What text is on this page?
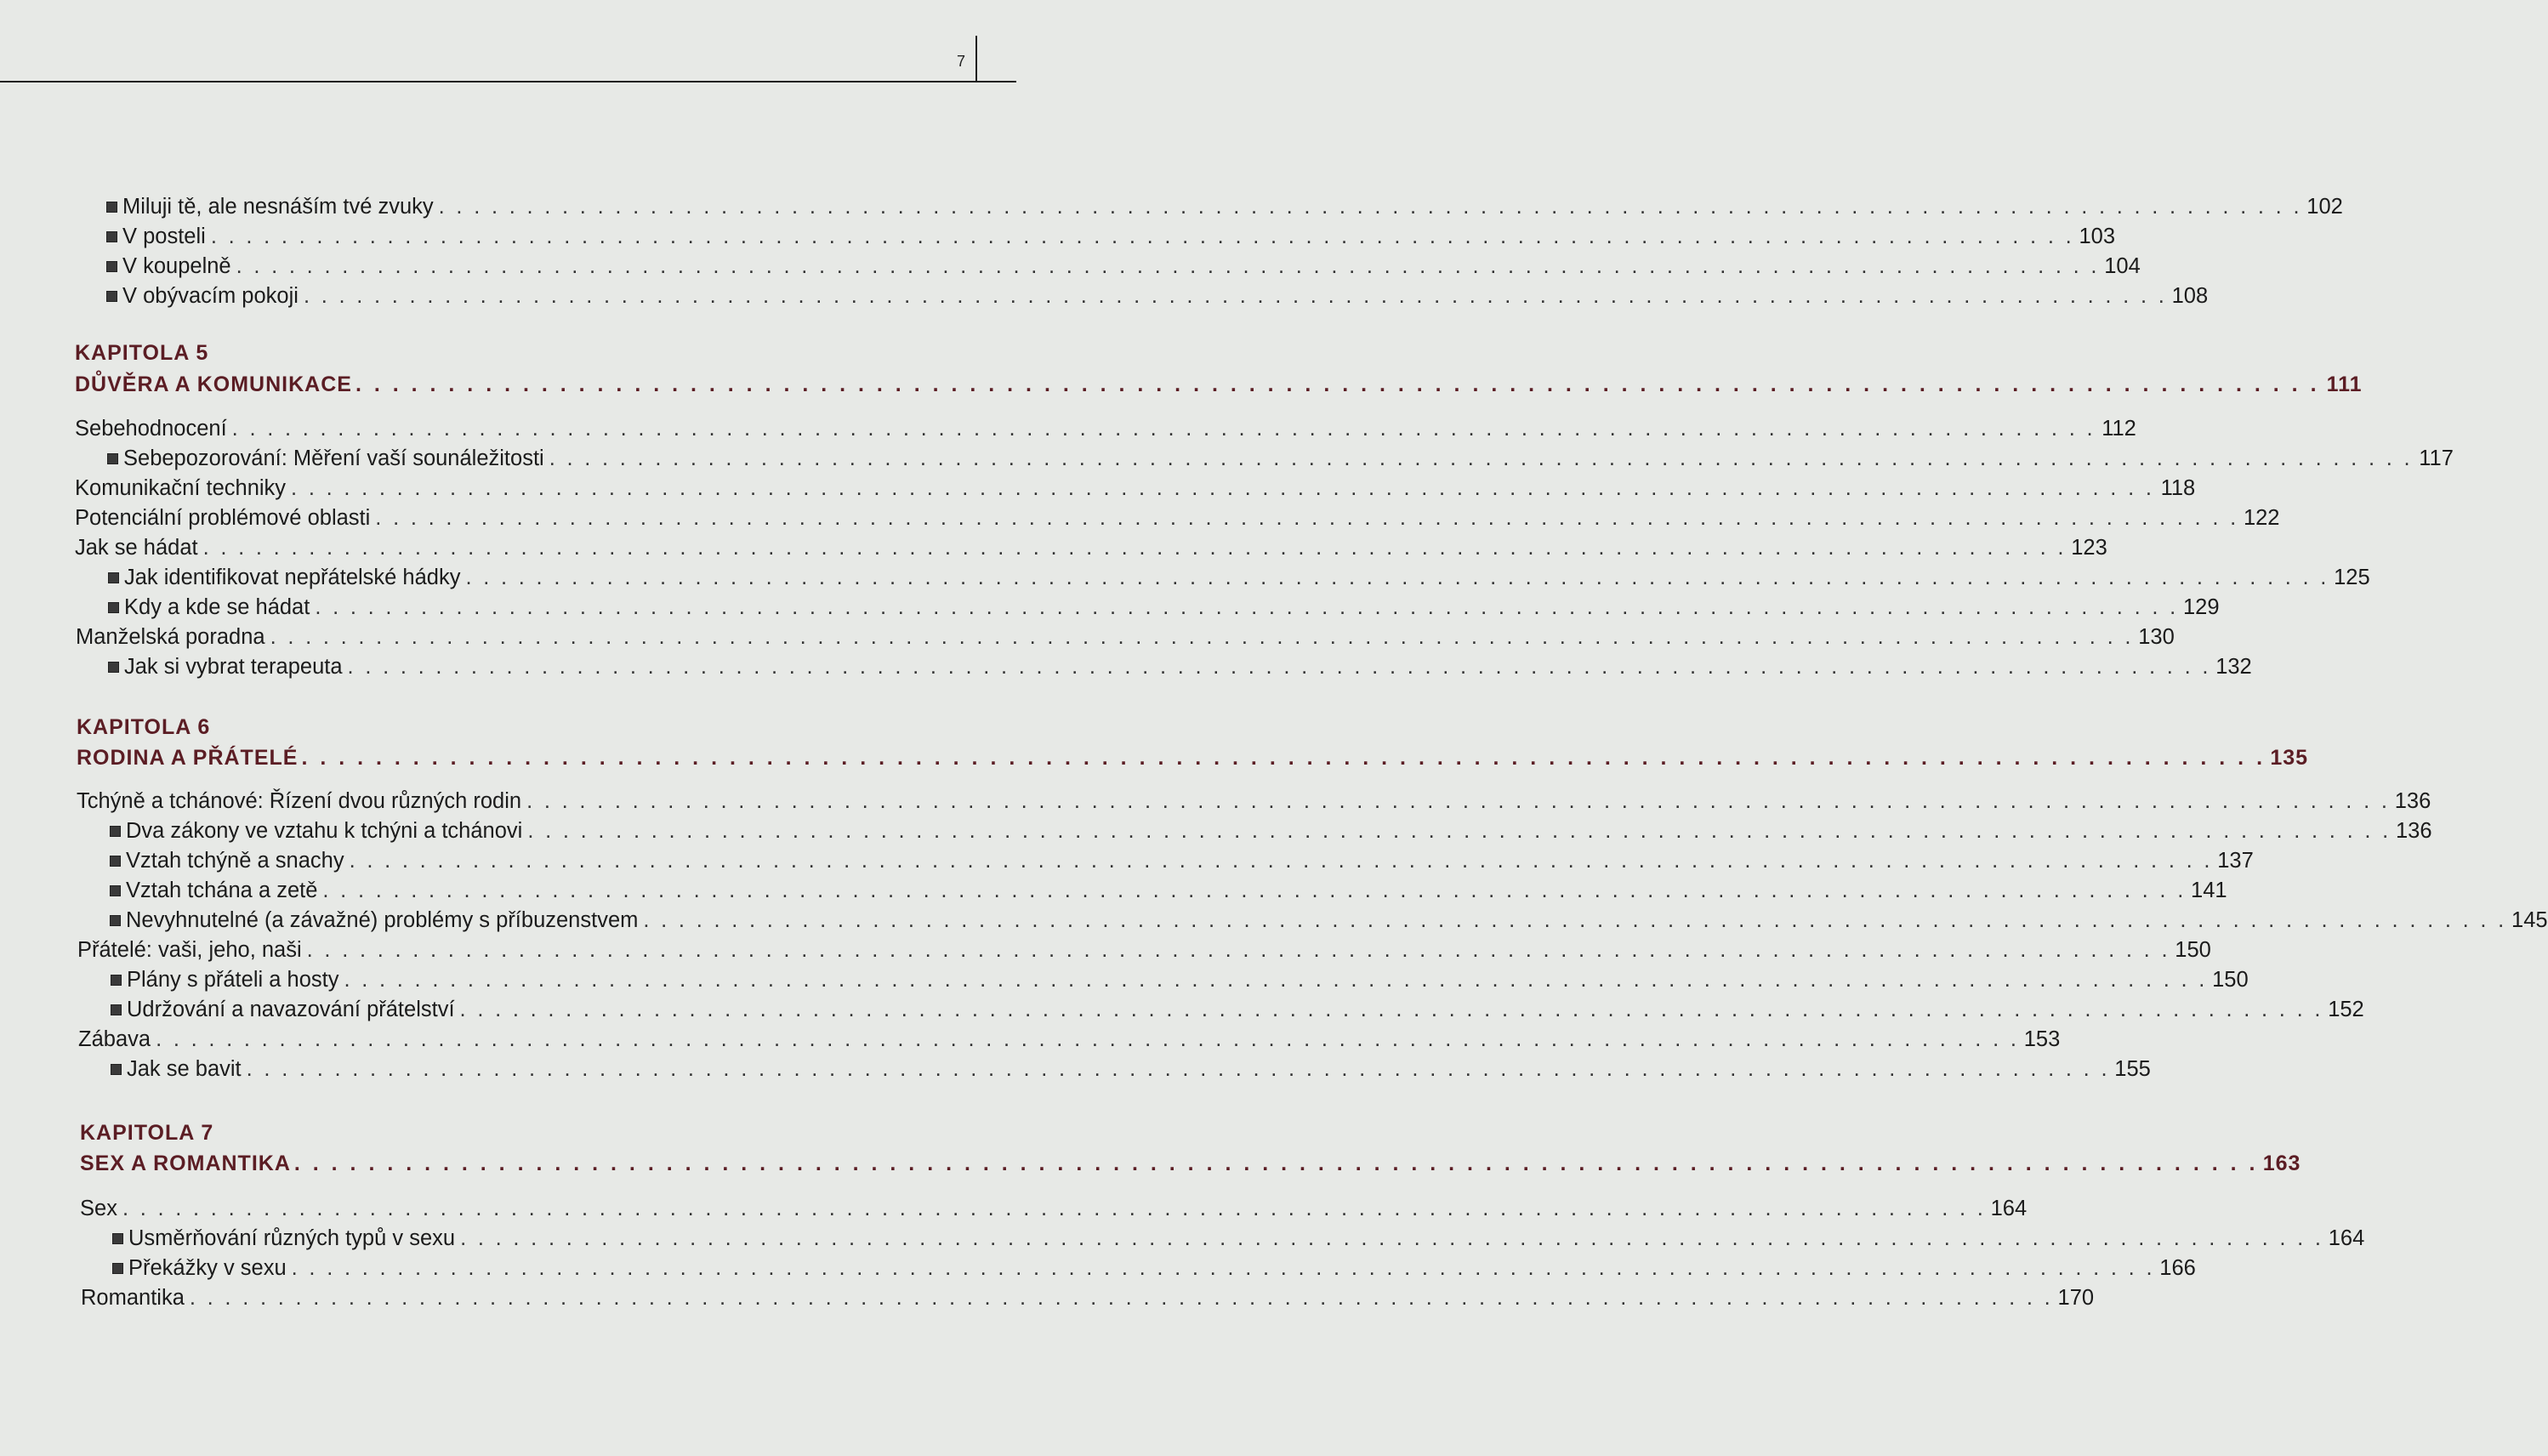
7
Miluji tě, ale nesnáším tvé zvuky . . . . . . . . . . . . . . . . . . . . . . . . . . . . . . . . . . . . . . . . . . . . . . . . . . . . . . . . . . . . . . . . . . . . . . . . . . . . . . . . . . . . . . . . . . . . . . . . . . . . . . . . . . 102
V posteli . . . . . . . . . . . . . . . . . . . . . . . . . . . . . . . . . . . . . . . . . . . . . . . . . . . . . . . . . . . . . . . . . . . . . . . . . . . . . . . . . . . . . . . . . . . . . . . . . . . . . . . . . . 103
V koupelně . . . . . . . . . . . . . . . . . . . . . . . . . . . . . . . . . . . . . . . . . . . . . . . . . . . . . . . . . . . . . . . . . . . . . . . . . . . . . . . . . . . . . . . . . . . . . . . . . . . . . . . . . . 104
V obývacím pokoji . . . . . . . . . . . . . . . . . . . . . . . . . . . . . . . . . . . . . . . . . . . . . . . . . . . . . . . . . . . . . . . . . . . . . . . . . . . . . . . . . . . . . . . . . . . . . . . . . . . . . . . . . . 108
KAPITOLA 5
DŮVĚRA A KOMUNIKACE . . . . . . . . . . . . . . . . . . . . . . . . . . . . . . . . . . . . . . . . . . . . . . . . . . . . . . . . . . . . . . . . . . . . . . . . . . . . . . . . . . . . . . . . . . . . . . . . . . . . . . . . . . 111
Sebehodnocení . . . . . . . . . . . . . . . . . . . . . . . . . . . . . . . . . . . . . . . . . . . . . . . . . . . . . . . . . . . . . . . . . . . . . . . . . . . . . . . . . . . . . . . . . . . . . . . . . . . . . . . . . . 112
Sebepozorování: Měření vaší sounáležitosti . . . . . . . . . . . . . . . . . . . . . . . . . . . . . . . . . . . . . . . . . . . . . . . . . . . . . . . . . . . . . . . . . . . . . . . . . . . . . . . . . . . . . . . . . . . . . . . . . . . . . . . . . . 117
Komunikační techniky . . . . . . . . . . . . . . . . . . . . . . . . . . . . . . . . . . . . . . . . . . . . . . . . . . . . . . . . . . . . . . . . . . . . . . . . . . . . . . . . . . . . . . . . . . . . . . . . . . . . . . . . . . 118
Potenciální problémové oblasti . . . . . . . . . . . . . . . . . . . . . . . . . . . . . . . . . . . . . . . . . . . . . . . . . . . . . . . . . . . . . . . . . . . . . . . . . . . . . . . . . . . . . . . . . . . . . . . . . . . . . . . . . . 122
Jak se hádat . . . . . . . . . . . . . . . . . . . . . . . . . . . . . . . . . . . . . . . . . . . . . . . . . . . . . . . . . . . . . . . . . . . . . . . . . . . . . . . . . . . . . . . . . . . . . . . . . . . . . . . . . . 123
Jak identifikovat nepřátelské hádky . . . . . . . . . . . . . . . . . . . . . . . . . . . . . . . . . . . . . . . . . . . . . . . . . . . . . . . . . . . . . . . . . . . . . . . . . . . . . . . . . . . . . . . . . . . . . . . . . . . . . . . . . . 125
Kdy a kde se hádat . . . . . . . . . . . . . . . . . . . . . . . . . . . . . . . . . . . . . . . . . . . . . . . . . . . . . . . . . . . . . . . . . . . . . . . . . . . . . . . . . . . . . . . . . . . . . . . . . . . . . . . . . . 129
Manželská poradna . . . . . . . . . . . . . . . . . . . . . . . . . . . . . . . . . . . . . . . . . . . . . . . . . . . . . . . . . . . . . . . . . . . . . . . . . . . . . . . . . . . . . . . . . . . . . . . . . . . . . . . . . . 130
Jak si vybrat terapeuta . . . . . . . . . . . . . . . . . . . . . . . . . . . . . . . . . . . . . . . . . . . . . . . . . . . . . . . . . . . . . . . . . . . . . . . . . . . . . . . . . . . . . . . . . . . . . . . . . . . . . . . . . . 132
KAPITOLA 6
RODINA A PŘÁTELÉ . . . . . . . . . . . . . . . . . . . . . . . . . . . . . . . . . . . . . . . . . . . . . . . . . . . . . . . . . . . . . . . . . . . . . . . . . . . . . . . . . . . . . . . . . . . . . . . . . . . . . . . . . . 135
Tchýně a tchánové: Řízení dvou různých rodin . . . . . . . . . . . . . . . . . . . . . . . . . . . . . . . . . . . . . . . . . . . . . . . . . . . . . . . . . . . . . . . . . . . . . . . . . . . . . . . . . . . . . . . . . . . . . . . . . . . . . . . . . . 136
Dva zákony ve vztahu k tchýni a tchánovi . . . . . . . . . . . . . . . . . . . . . . . . . . . . . . . . . . . . . . . . . . . . . . . . . . . . . . . . . . . . . . . . . . . . . . . . . . . . . . . . . . . . . . . . . . . . . . . . . . . . . . . . . . 136
Vztah tchýně a snachy . . . . . . . . . . . . . . . . . . . . . . . . . . . . . . . . . . . . . . . . . . . . . . . . . . . . . . . . . . . . . . . . . . . . . . . . . . . . . . . . . . . . . . . . . . . . . . . . . . . . . . . . . . 137
Vztah tchána a zetě . . . . . . . . . . . . . . . . . . . . . . . . . . . . . . . . . . . . . . . . . . . . . . . . . . . . . . . . . . . . . . . . . . . . . . . . . . . . . . . . . . . . . . . . . . . . . . . . . . . . . . . . . . 141
Nevyhnutelné (a závažné) problémy s příbuzenstvem . . . . . . . . . . . . . . . . . . . . . . . . . . . . . . . . . . . . . . . . . . . . . . . . . . . . . . . . . . . . . . . . . . . . . . . . . . . . . . . . . . . . . . . . . . . . . . . . . . . . . . . . . . 145
Přátelé: vaši, jeho, naši . . . . . . . . . . . . . . . . . . . . . . . . . . . . . . . . . . . . . . . . . . . . . . . . . . . . . . . . . . . . . . . . . . . . . . . . . . . . . . . . . . . . . . . . . . . . . . . . . . . . . . . . . . 150
Plány s přáteli a hosty . . . . . . . . . . . . . . . . . . . . . . . . . . . . . . . . . . . . . . . . . . . . . . . . . . . . . . . . . . . . . . . . . . . . . . . . . . . . . . . . . . . . . . . . . . . . . . . . . . . . . . . . . . 150
Udržování a navazování přátelství . . . . . . . . . . . . . . . . . . . . . . . . . . . . . . . . . . . . . . . . . . . . . . . . . . . . . . . . . . . . . . . . . . . . . . . . . . . . . . . . . . . . . . . . . . . . . . . . . . . . . . . . . . 152
Zábava . . . . . . . . . . . . . . . . . . . . . . . . . . . . . . . . . . . . . . . . . . . . . . . . . . . . . . . . . . . . . . . . . . . . . . . . . . . . . . . . . . . . . . . . . . . . . . . . . . . . . . . . . . 153
Jak se bavit . . . . . . . . . . . . . . . . . . . . . . . . . . . . . . . . . . . . . . . . . . . . . . . . . . . . . . . . . . . . . . . . . . . . . . . . . . . . . . . . . . . . . . . . . . . . . . . . . . . . . . . . . . 155
KAPITOLA 7
SEX A ROMANTIKA . . . . . . . . . . . . . . . . . . . . . . . . . . . . . . . . . . . . . . . . . . . . . . . . . . . . . . . . . . . . . . . . . . . . . . . . . . . . . . . . . . . . . . . . . . . . . . . . . . . . . . . . . . 163
Sex . . . . . . . . . . . . . . . . . . . . . . . . . . . . . . . . . . . . . . . . . . . . . . . . . . . . . . . . . . . . . . . . . . . . . . . . . . . . . . . . . . . . . . . . . . . . . . . . . . . . . . . . . . 164
Usměrňování různých typů v sexu . . . . . . . . . . . . . . . . . . . . . . . . . . . . . . . . . . . . . . . . . . . . . . . . . . . . . . . . . . . . . . . . . . . . . . . . . . . . . . . . . . . . . . . . . . . . . . . . . . . . . . . . . . 164
Překážky v sexu . . . . . . . . . . . . . . . . . . . . . . . . . . . . . . . . . . . . . . . . . . . . . . . . . . . . . . . . . . . . . . . . . . . . . . . . . . . . . . . . . . . . . . . . . . . . . . . . . . . . . . . . . . 166
Romantika . . . . . . . . . . . . . . . . . . . . . . . . . . . . . . . . . . . . . . . . . . . . . . . . . . . . . . . . . . . . . . . . . . . . . . . . . . . . . . . . . . . . . . . . . . . . . . . . . . . . . . . . . . 170
